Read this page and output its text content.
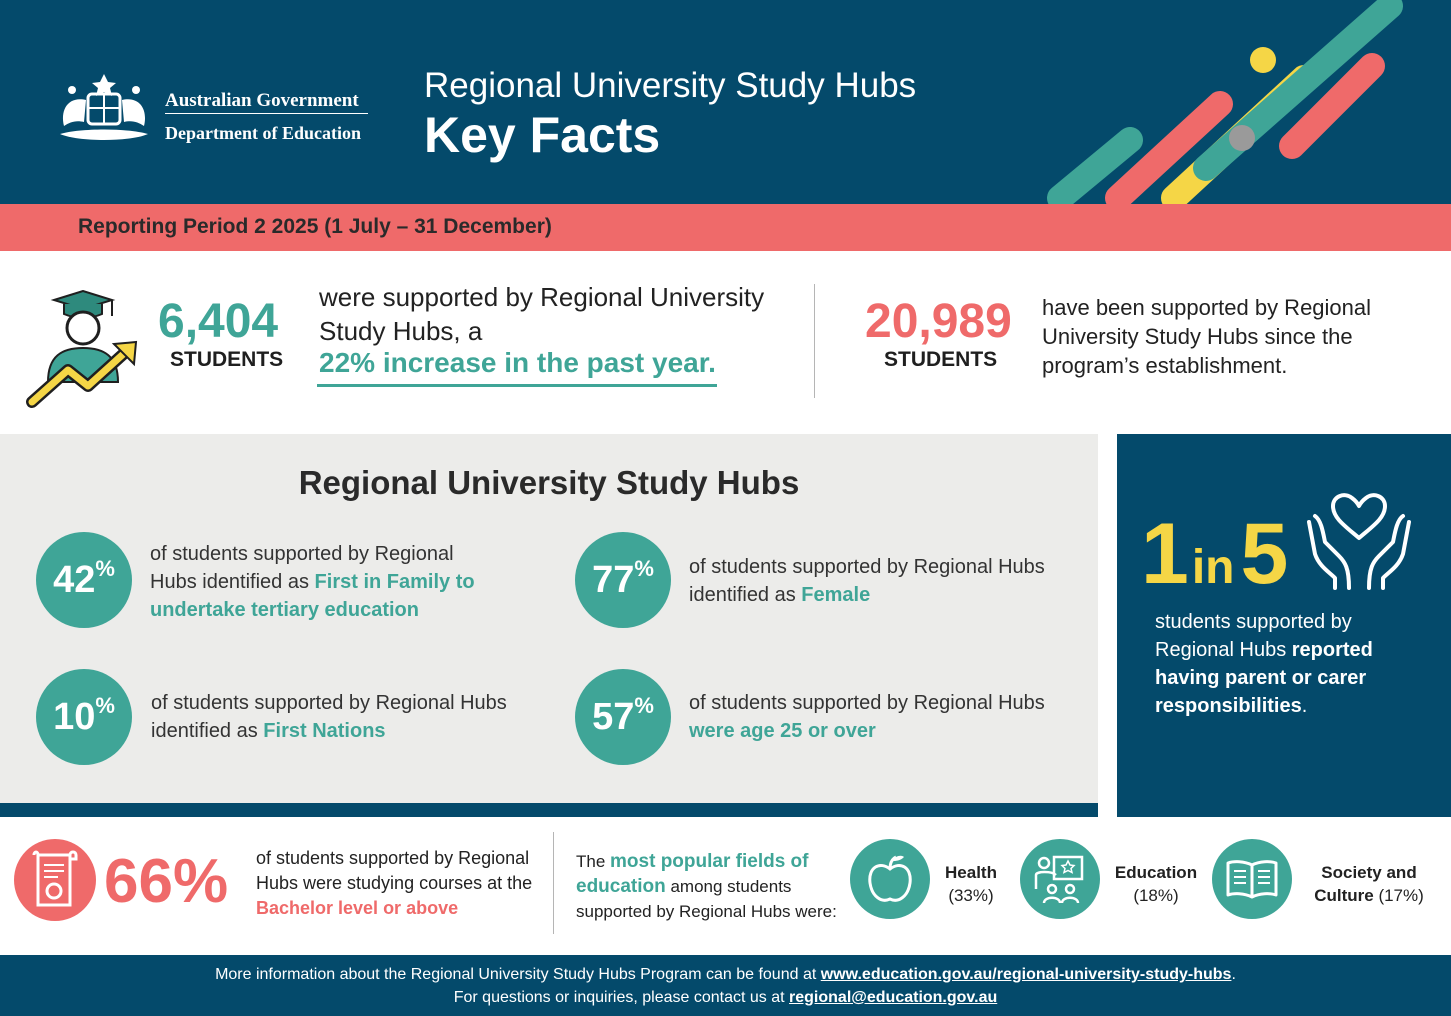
Australian Government
Department of Education
Regional University Study Hubs
Key Facts
Reporting Period 2 2025 (1 July – 31 December)
6,404
STUDENTS
were supported by Regional University Study Hubs, a
22% increase in the past year.
20,989
STUDENTS
have been supported by Regional University Study Hubs since the program’s establishment.
Regional University Study Hubs
42 %
of students supported by Regional Hubs identified as First in Family to undertake tertiary education
77 % of students supported by Regional Hubs identified as Female
10 % of students supported by Regional Hubs identified as First Nations	57 % of students supported by Regional Hubs were age 25 or over
1 in 5
students supported by Regional Hubs reported having parent or carer responsibilities.
66% of students supported by Regional Hubs were studying courses at the Bachelor level or above
The most popular fields of education among students supported by Regional Hubs were:
Health
(33%)
Education
(18%)
Society and
Culture (17%)
More information about the Regional University Study Hubs Program can be found at www.education.gov.au/regional-university-study-hubs.
For questions or inquiries, please contact us at regional@education.gov.au
